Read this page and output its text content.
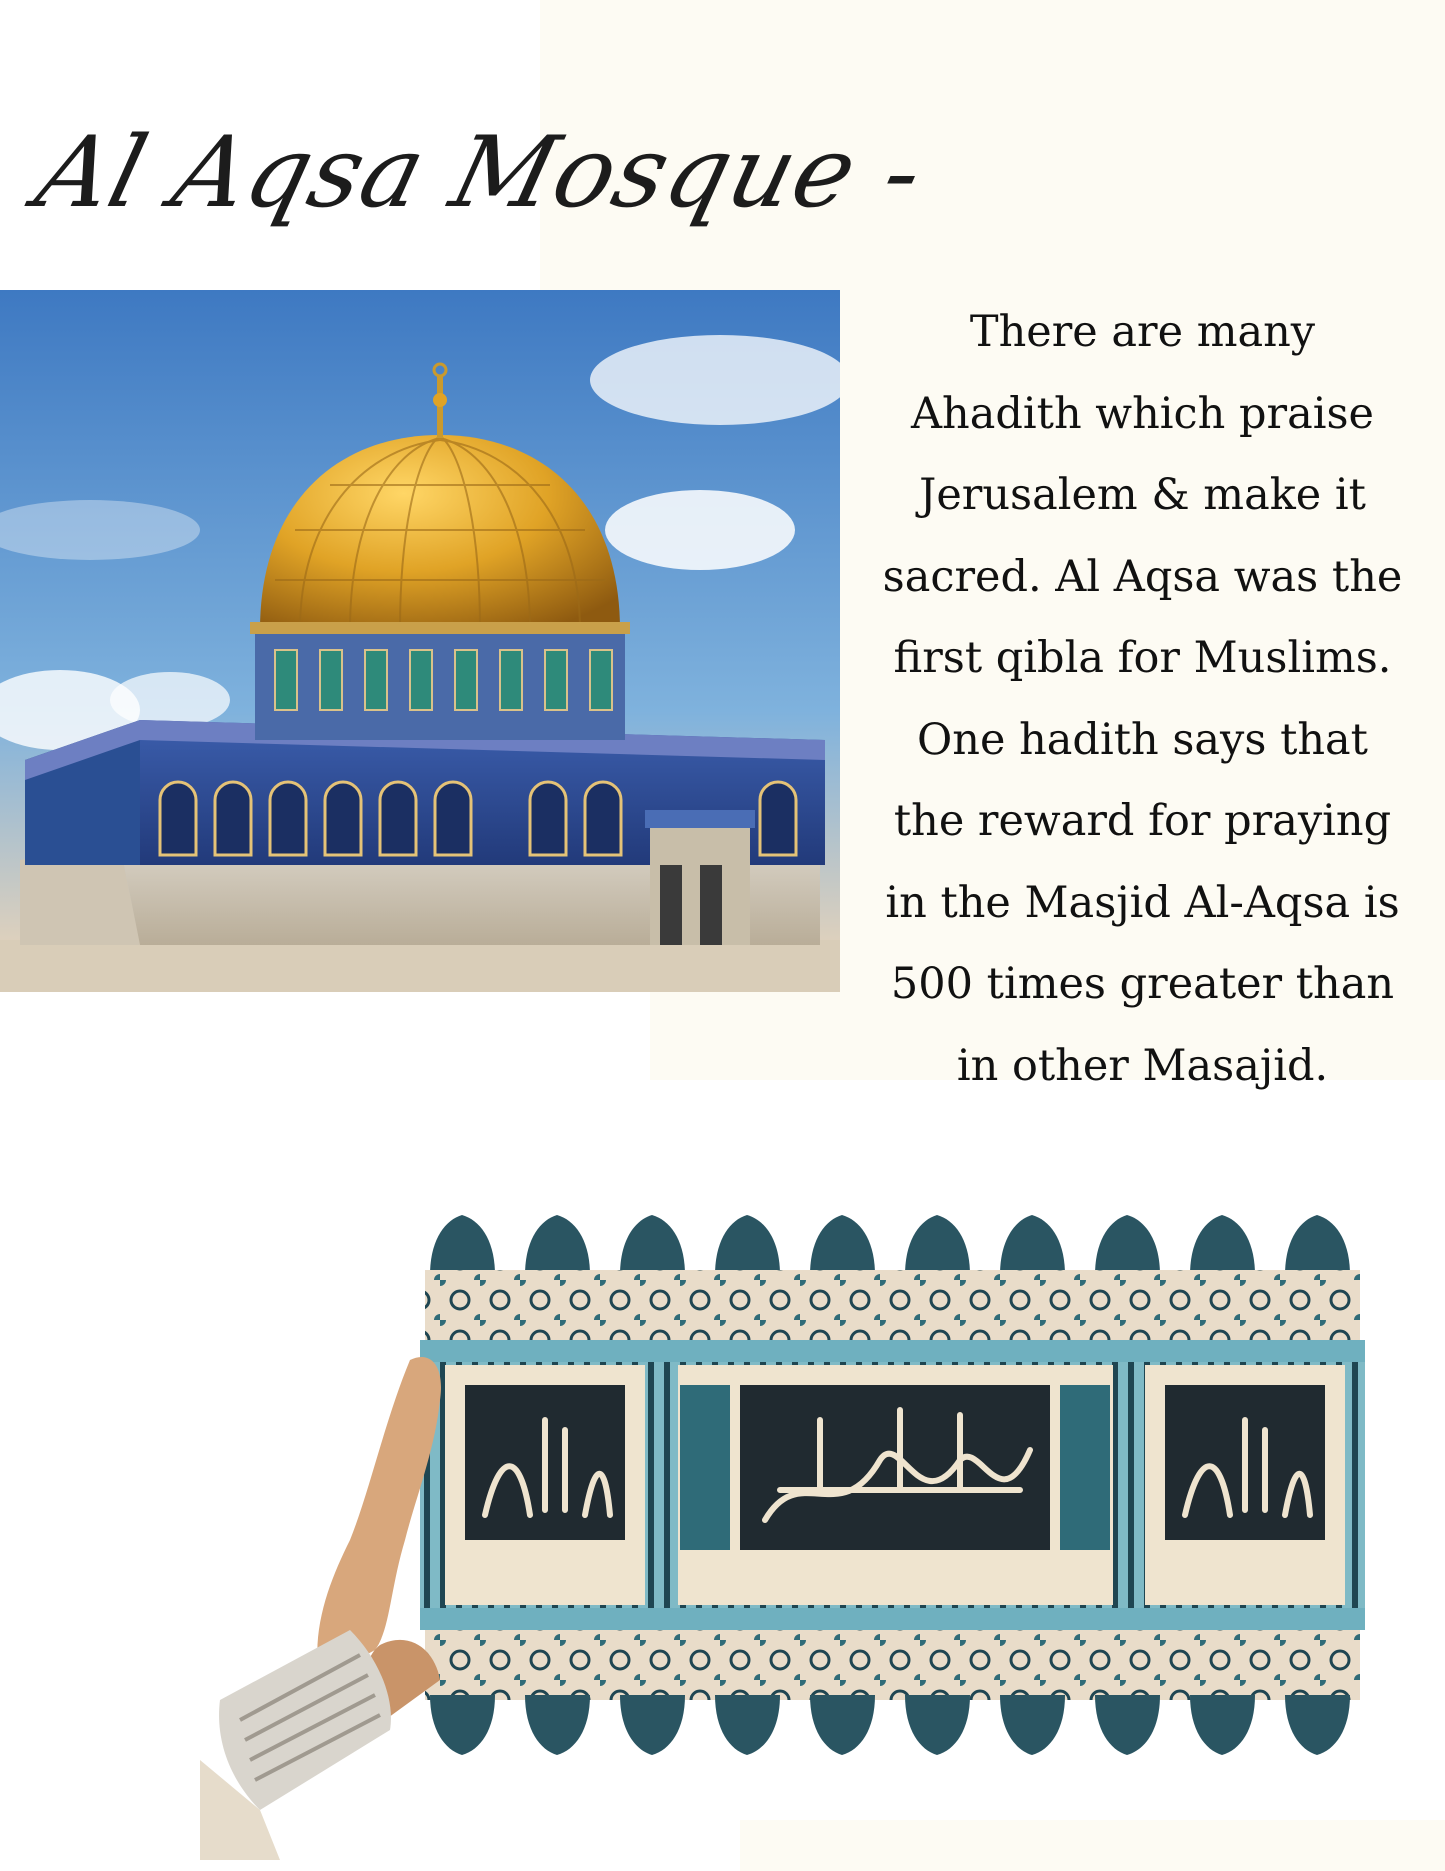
Al Aqsa Mosque -
There are many
Ahadith which praise
Jerusalem & make it
sacred. Al Aqsa was the
first qibla for Muslims.
One hadith says that
the reward for praying
in the Masjid Al-Aqsa is
500 times greater than
in other Masajid.
